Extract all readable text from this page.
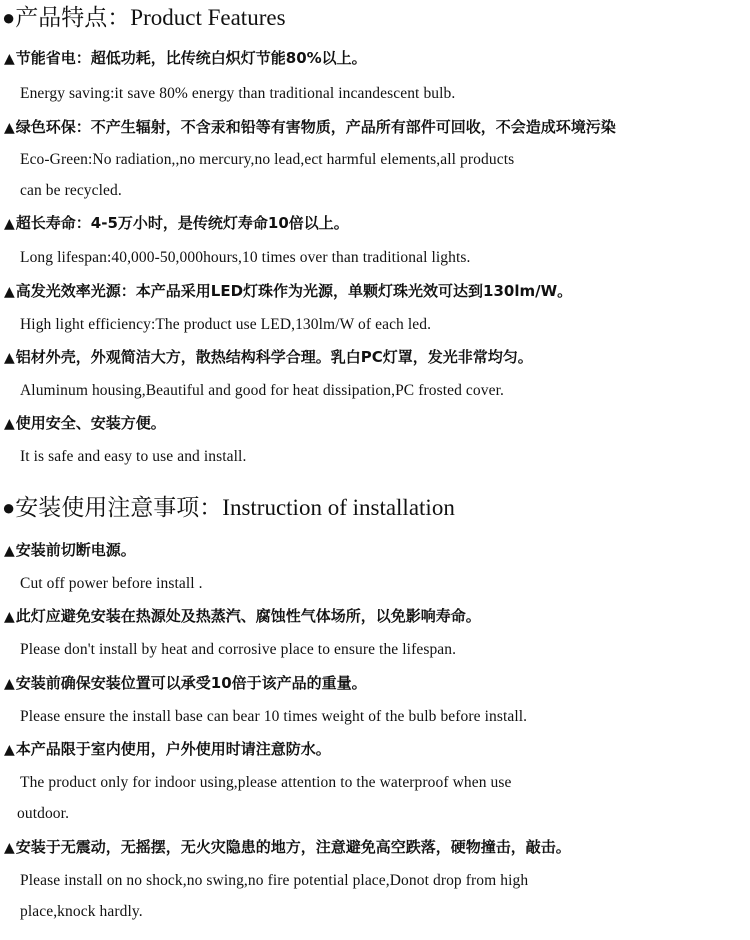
●产品特点：Product Features

▲节能省电：超低功耗，比传统白炽灯节能80%以上。

Energy saving:it save 80% energy than traditional incandescent bulb.

▲绿色环保：不产生辐射，不含汞和铅等有害物质，产品所有部件可回收，不会造成环境污染

Eco-Green:No radiation,,no mercury,no lead,ect harmful elements,all products

can be recycled.

▲超长寿命：4-5万小时，是传统灯寿命10倍以上。

Long lifespan:40,000-50,000hours,10 times over than traditional lights.

▲高发光效率光源：本产品采用LED灯珠作为光源，单颗灯珠光效可达到130lm/W。

High light efficiency:The product use LED,130lm/W of each led.

▲铝材外壳，外观简洁大方，散热结构科学合理。乳白PC灯罩，发光非常均匀。

Aluminum housing,Beautiful and good for heat dissipation,PC frosted cover.

▲使用安全、安装方便。

It is safe and easy to use and install.

●安装使用注意事项：Instruction of installation

▲安装前切断电源。

Cut off power before install .

▲此灯应避免安装在热源处及热蒸汽、腐蚀性气体场所，以免影响寿命。

Please don't install by heat and corrosive place to ensure the lifespan.

▲安装前确保安装位置可以承受10倍于该产品的重量。

Please ensure the install base can bear 10 times weight of the bulb before install.

▲本产品限于室内使用，户外使用时请注意防水。

The product only for indoor using,please attention to the waterproof when use

outdoor.

▲安装于无震动，无摇摆，无火灾隐患的地方，注意避免高空跌落，硬物撞击，敲击。

Please install on no shock,no swing,no fire potential place,Donot drop from high

place,knock hardly.
